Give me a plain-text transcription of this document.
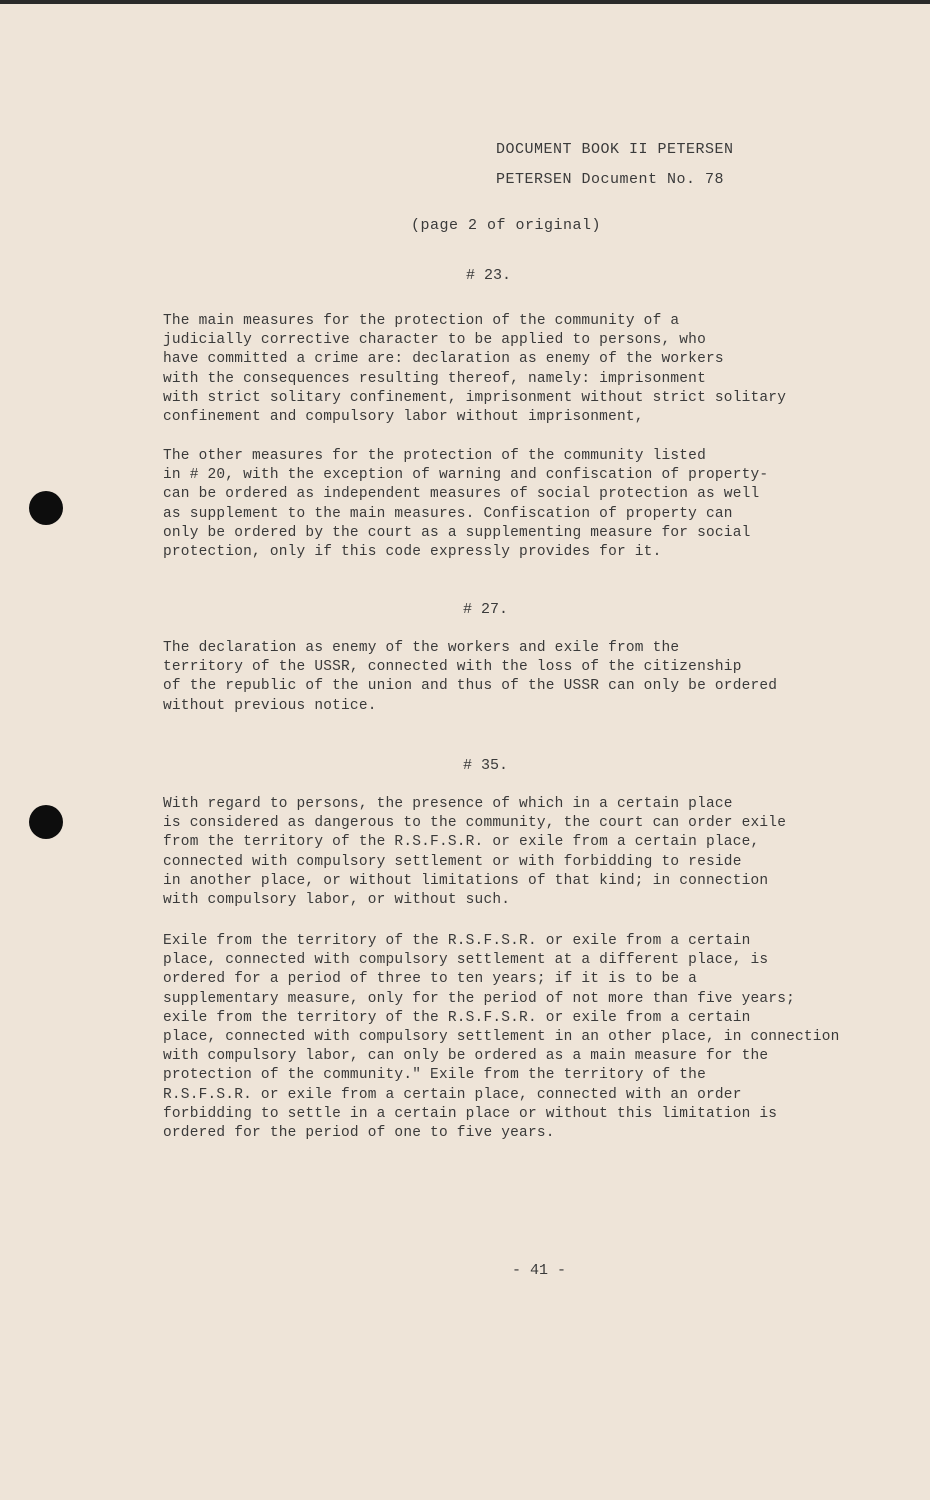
DOCUMENT BOOK II PETERSEN
PETERSEN Document No. 78
(page 2 of original)
# 23.
The main measures for the protection of the community of a
judicially corrective character to be applied to persons, who
have committed a crime are: declaration as enemy of the workers
with the consequences resulting thereof, namely: imprisonment
with strict solitary confinement, imprisonment without strict solitary
confinement and compulsory labor without imprisonment,
The other measures for the protection of the community listed
in # 20, with the exception of warning and confiscation of property-
can be ordered as independent measures of social protection as well
as supplement to the main measures. Confiscation of property can
only be ordered by the court as a supplementing measure for social
protection, only if this code expressly provides for it.
# 27.
The declaration as enemy of the workers and exile from the
territory of the USSR, connected with the loss of the citizenship
of the republic of the union and thus of the USSR can only be ordered
without previous notice.
# 35.
With regard to persons, the presence of which in a certain place
is considered as dangerous to the community, the court can order exile
from the territory of the R.S.F.S.R. or exile from a certain place,
connected with compulsory settlement or with forbidding to reside
in another place, or without limitations of that kind; in connection
with compulsory labor, or without such.
Exile from the territory of the R.S.F.S.R. or exile from a certain
place, connected with compulsory settlement at a different place, is
ordered for a period of three to ten years; if it is to be a
supplementary measure, only for the period of not more than five years;
exile from the territory of the R.S.F.S.R. or exile from a certain
place, connected with compulsory settlement in an other place, in connection
with compulsory labor, can only be ordered as a main measure for the
protection of the community." Exile from the territory of the
R.S.F.S.R. or exile from a certain place, connected with an order
forbidding to settle in a certain place or without this limitation is
ordered for the period of one to five years.
- 41 -
